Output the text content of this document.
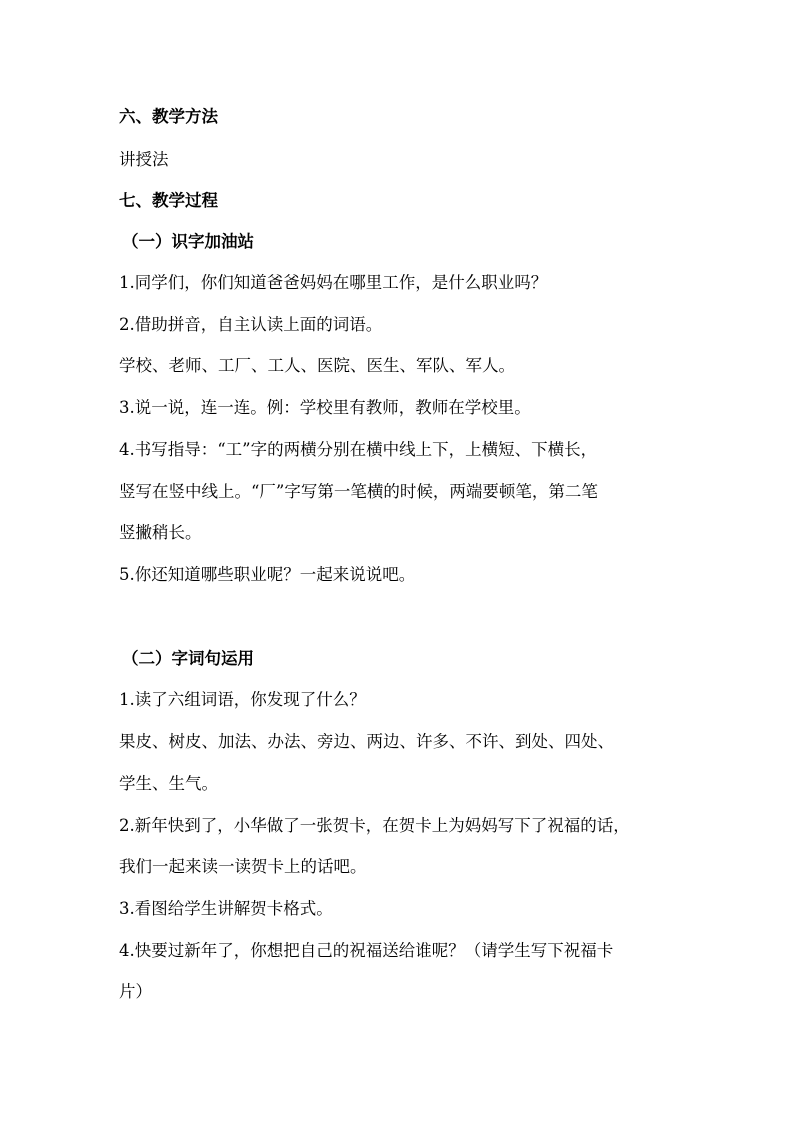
六、教学方法
讲授法
七、教学过程
（一）识字加油站
1.同学们，你们知道爸爸妈妈在哪里工作，是什么职业吗？
2.借助拼音，自主认读上面的词语。
学校、老师、工厂、工人、医院、医生、军队、军人。
3.说一说，连一连。例：学校里有教师，教师在学校里。
4.书写指导：“工”字的两横分别在横中线上下，上横短、下横长，
竖写在竖中线上。“厂”字写第一笔横的时候，两端要顿笔，第二笔
竖撇稍长。
5.你还知道哪些职业呢？一起来说说吧。
（二）字词句运用
1.读了六组词语，你发现了什么？
果皮、树皮、加法、办法、旁边、两边、许多、不许、到处、四处、
学生、生气。
2.新年快到了，小华做了一张贺卡，在贺卡上为妈妈写下了祝福的话，
我们一起来读一读贺卡上的话吧。
3.看图给学生讲解贺卡格式。
4.快要过新年了，你想把自己的祝福送给谁呢？（请学生写下祝福卡
片）
